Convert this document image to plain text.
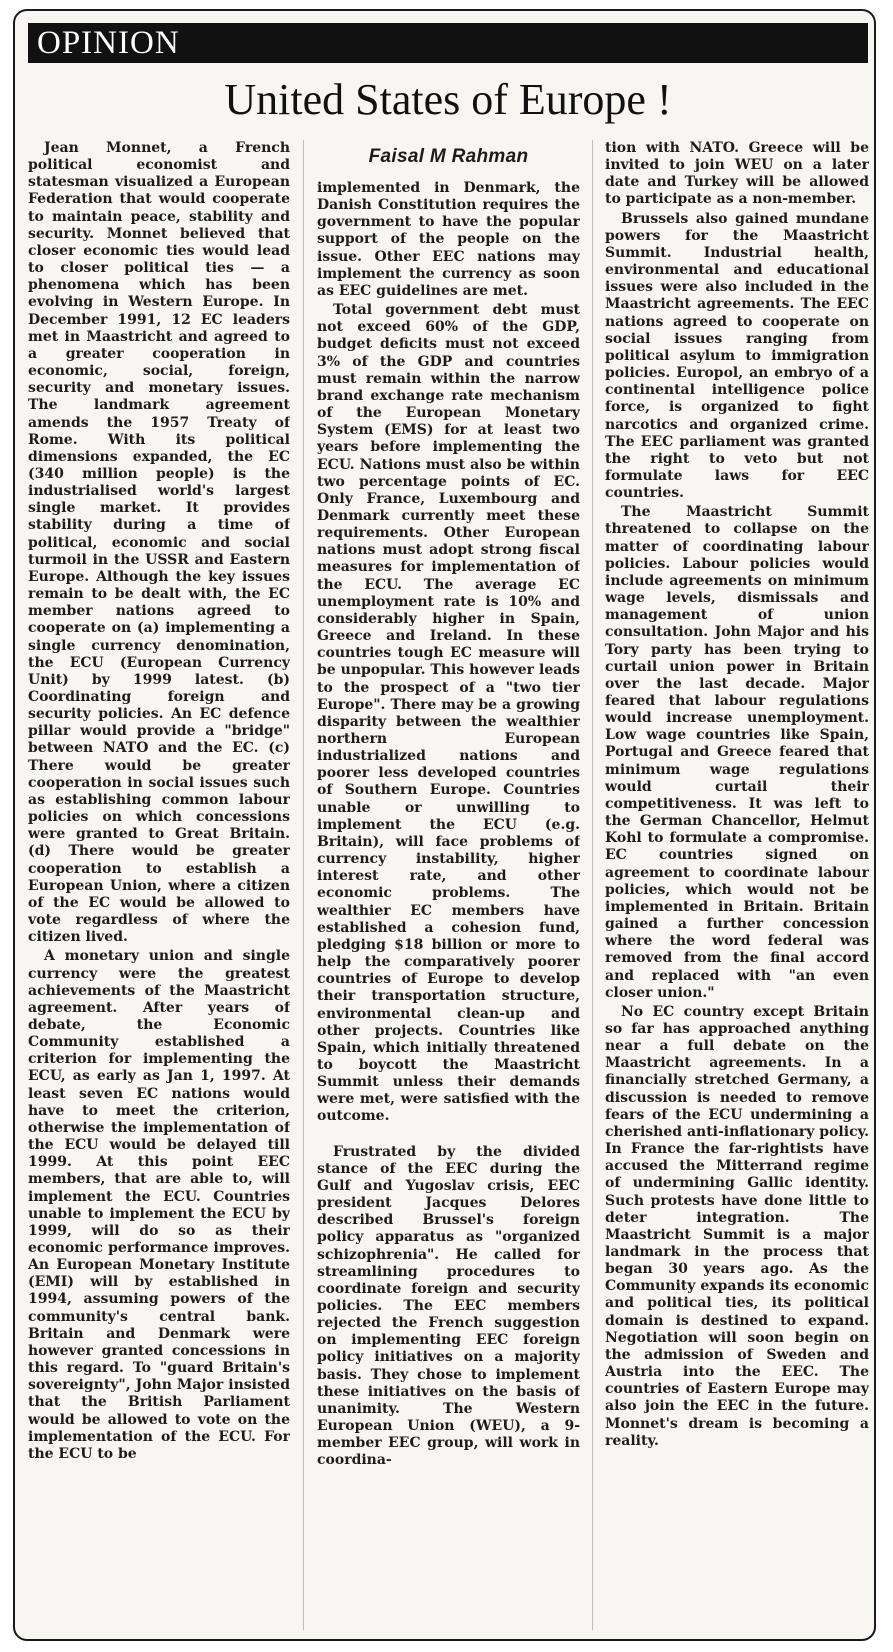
OPINION
United States of Europe !

Jean Monnet, a French political economist and statesman visualized a European Federation that would cooperate to maintain peace, stability and security. Monnet believed that closer economic ties would lead to closer political ties — a phenomena which has been evolving in Western Europe. In December 1991, 12 EC leaders met in Maastricht and agreed to a greater cooperation in economic, social, foreign, security and monetary issues. The landmark agreement amends the 1957 Treaty of Rome. With its political dimensions expanded, the EC (340 million people) is the industrialised world's largest single market. It provides stability during a time of political, economic and social turmoil in the USSR and Eastern Europe. Although the key issues remain to be dealt with, the EC member nations agreed to cooperate on (a) implementing a single currency denomination, the ECU (European Currency Unit) by 1999 latest. (b) Coordinating foreign and security policies. An EC defence pillar would provide a "bridge" between NATO and the EC. (c) There would be greater cooperation in social issues such as establishing common labour policies on which concessions were granted to Great Britain. (d) There would be greater cooperation to establish a European Union, where a citizen of the EC would be allowed to vote regardless of where the citizen lived.

A monetary union and single currency were the greatest achievements of the Maastricht agreement. After years of debate, the Economic Community established a criterion for implementing the ECU, as early as Jan 1, 1997. At least seven EC nations would have to meet the criterion, otherwise the implementation of the ECU would be delayed till 1999. At this point EEC members, that are able to, will implement the ECU. Countries unable to implement the ECU by 1999, will do so as their economic performance improves. An European Monetary Institute (EMI) will by established in 1994, assuming powers of the community's central bank. Britain and Denmark were however granted concessions in this regard. To "guard Britain's sovereignty", John Major insisted that the British Parliament would be allowed to vote on the implementation of the ECU. For the ECU to be

Faisal M Rahman

implemented in Denmark, the Danish Constitution requires the government to have the popular support of the people on the issue. Other EEC nations may implement the currency as soon as EEC guidelines are met.

Total government debt must not exceed 60% of the GDP, budget deficits must not exceed 3% of the GDP and countries must remain within the narrow brand exchange rate mechanism of the European Monetary System (EMS) for at least two years before implementing the ECU. Nations must also be within two percentage points of EC. Only France, Luxembourg and Denmark currently meet these requirements. Other European nations must adopt strong fiscal measures for implementation of the ECU. The average EC unemployment rate is 10% and considerably higher in Spain, Greece and Ireland. In these countries tough EC measure will be unpopular. This however leads to the prospect of a "two tier Europe". There may be a growing disparity between the wealthier northern European industrialized nations and poorer less developed countries of Southern Europe. Countries unable or unwilling to implement the ECU (e.g. Britain), will face problems of currency instability, higher interest rate, and other economic problems. The wealthier EC members have established a cohesion fund, pledging $18 billion or more to help the comparatively poorer countries of Europe to develop their transportation structure, environmental clean-up and other projects. Countries like Spain, which initially threatened to boycott the Maastricht Summit unless their demands were met, were satisfied with the outcome.

Frustrated by the divided stance of the EEC during the Gulf and Yugoslav crisis, EEC president Jacques Delores described Brussel's foreign policy apparatus as "organized schizophrenia". He called for streamlining procedures to coordinate foreign and security policies. The EEC members rejected the French suggestion on implementing EEC foreign policy initiatives on a majority basis. They chose to implement these initiatives on the basis of unanimity. The Western European Union (WEU), a 9-member EEC group, will work in coordina-

tion with NATO. Greece will be invited to join WEU on a later date and Turkey will be allowed to participate as a non-member.

Brussels also gained mundane powers for the Maastricht Summit. Industrial health, environmental and educational issues were also included in the Maastricht agreements. The EEC nations agreed to cooperate on social issues ranging from political asylum to immigration policies. Europol, an embryo of a continental intelligence police force, is organized to fight narcotics and organized crime. The EEC parliament was granted the right to veto but not formulate laws for EEC countries.

The Maastricht Summit threatened to collapse on the matter of coordinating labour policies. Labour policies would include agreements on minimum wage levels, dismissals and management of union consultation. John Major and his Tory party has been trying to curtail union power in Britain over the last decade. Major feared that labour regulations would increase unemployment. Low wage countries like Spain, Portugal and Greece feared that minimum wage regulations would curtail their competitiveness. It was left to the German Chancellor, Helmut Kohl to formulate a compromise. EC countries signed on agreement to coordinate labour policies, which would not be implemented in Britain. Britain gained a further concession where the word federal was removed from the final accord and replaced with "an even closer union."

No EC country except Britain so far has approached anything near a full debate on the Maastricht agreements. In a financially stretched Germany, a discussion is needed to remove fears of the ECU undermining a cherished anti-inflationary policy. In France the far-rightists have accused the Mitterrand regime of undermining Gallic identity. Such protests have done little to deter integration. The Maastricht Summit is a major landmark in the process that began 30 years ago. As the Community expands its economic and political ties, its political domain is destined to expand. Negotiation will soon begin on the admission of Sweden and Austria into the EEC. The countries of Eastern Europe may also join the EEC in the future. Monnet's dream is becoming a reality.
